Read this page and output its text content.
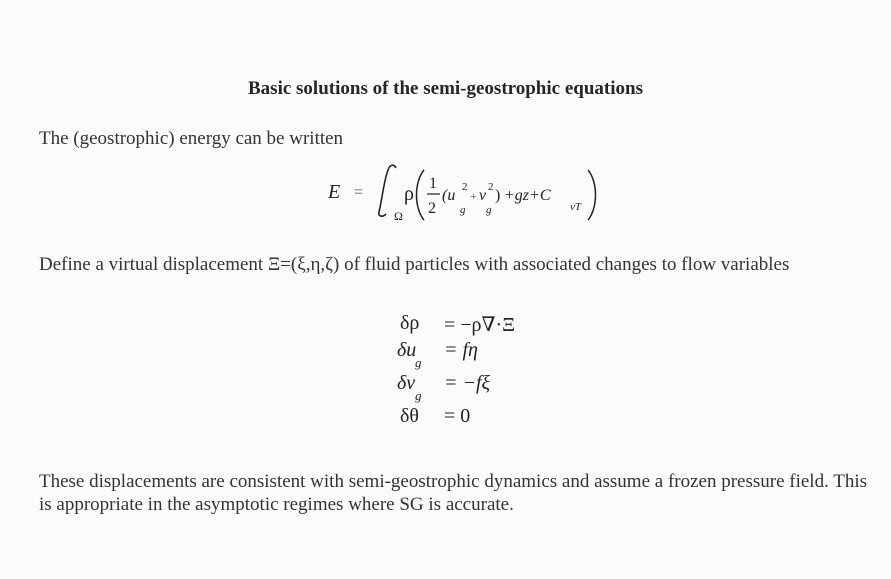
Basic solutions of the semi-geostrophic equations
The (geostrophic) energy can be written
E =
Ω
ρ 1
2
(u 2
g
+ v 2
g
) +gz+C
vT
Define a virtual displacement Ξ=(ξ,η,ζ) of fluid particles with associated changes to flow variables
δρ	= −ρ∇·Ξ
δu
g
= fη
δv
g
= −fξ
δθ = 0
These displacements are consistent with semi-geostrophic dynamics and assume a frozen pressure field. This is appropriate in the asymptotic regimes where SG is accurate.
